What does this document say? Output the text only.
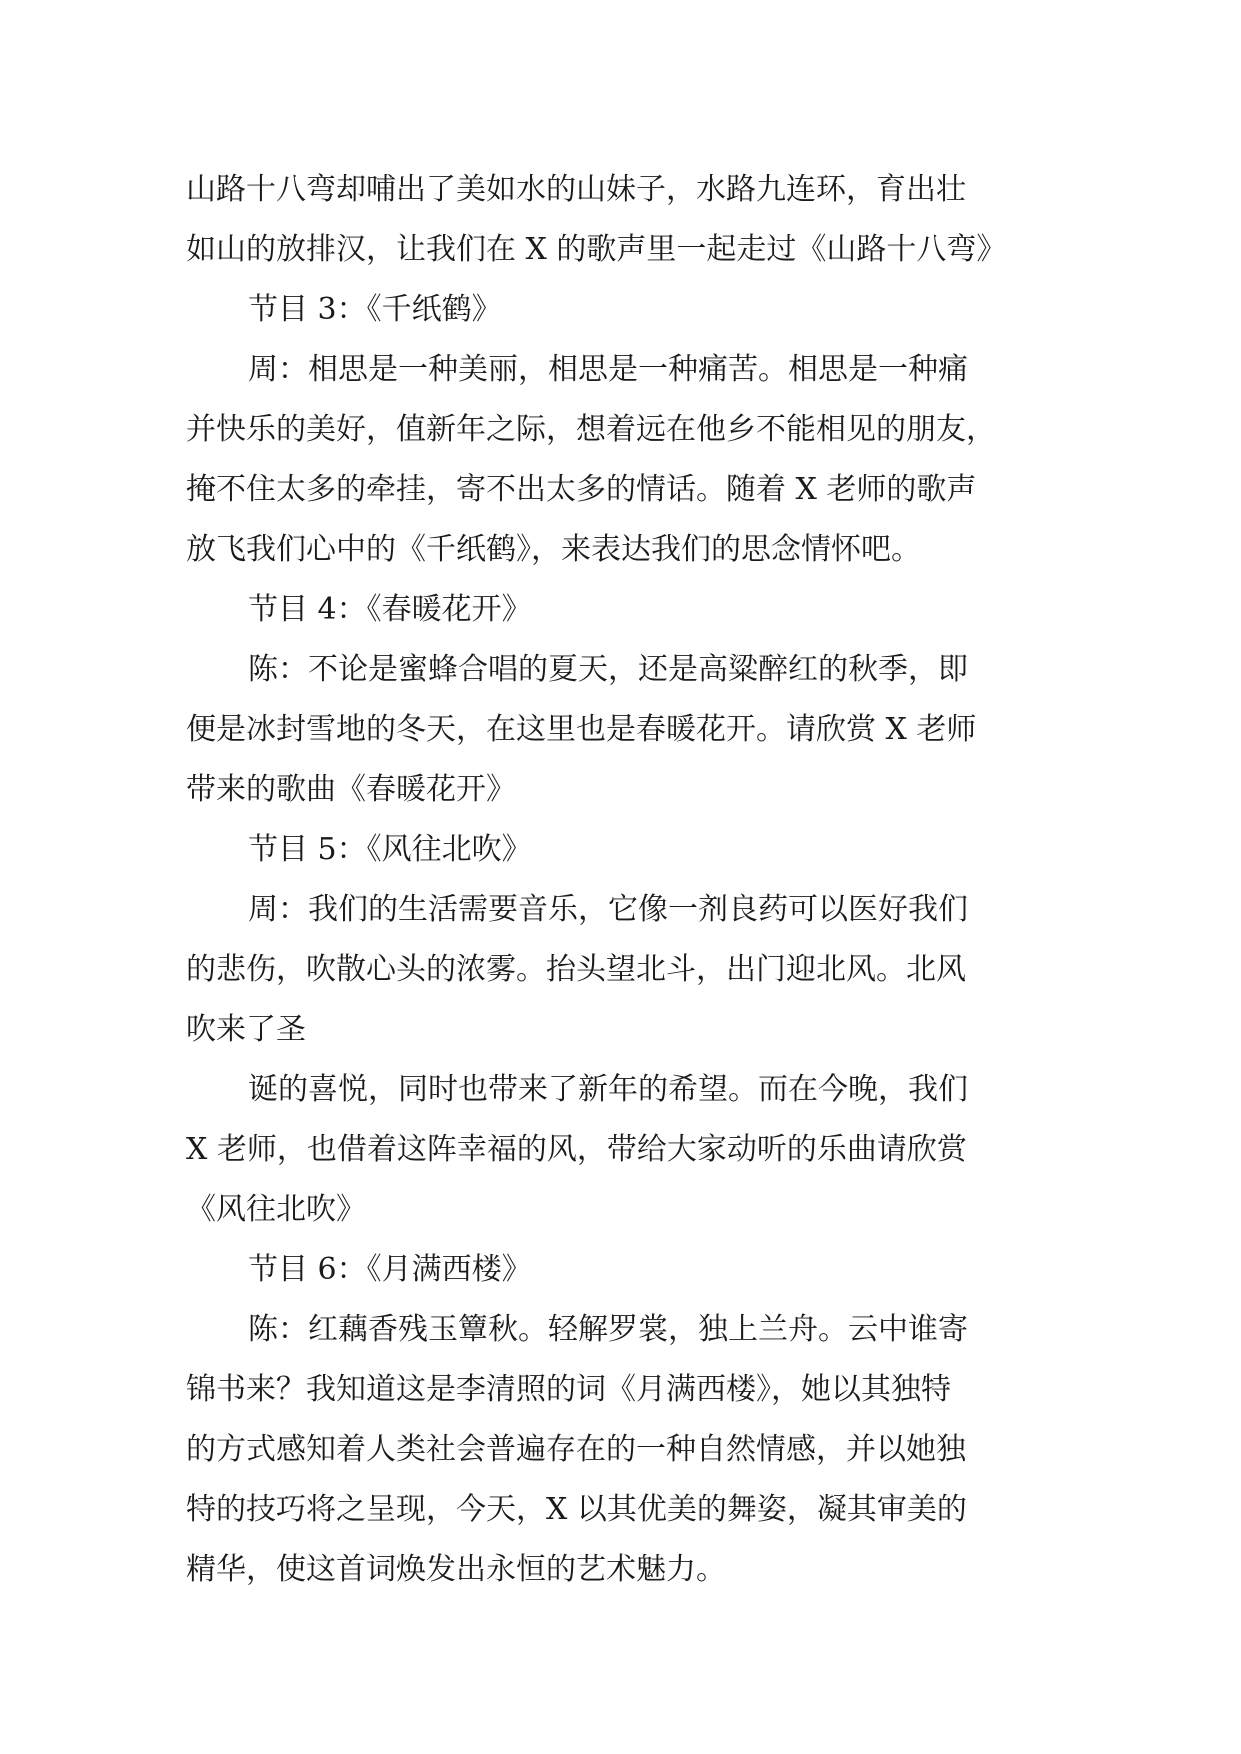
山路十八弯却哺出了美如水的山妹子，水路九连环，育出壮
如山的放排汉，让我们在 X 的歌声里一起走过《山路十八弯》
节目 3：《千纸鹤》
周：相思是一种美丽，相思是一种痛苦。相思是一种痛
并快乐的美好，值新年之际，想着远在他乡不能相见的朋友，
掩不住太多的牵挂，寄不出太多的情话。随着 X 老师的歌声
放飞我们心中的《千纸鹤》，来表达我们的思念情怀吧。
节目 4：《春暖花开》
陈：不论是蜜蜂合唱的夏天，还是高粱醉红的秋季，即
便是冰封雪地的冬天，在这里也是春暖花开。请欣赏 X 老师
带来的歌曲《春暖花开》
节目 5：《风往北吹》
周：我们的生活需要音乐，它像一剂良药可以医好我们
的悲伤，吹散心头的浓雾。抬头望北斗，出门迎北风。北风
吹来了圣
诞的喜悦，同时也带来了新年的希望。而在今晚，我们
X 老师，也借着这阵幸福的风，带给大家动听的乐曲请欣赏
《风往北吹》
节目 6：《月满西楼》
陈：红藕香残玉簟秋。轻解罗裳，独上兰舟。云中谁寄
锦书来？我知道这是李清照的词《月满西楼》，她以其独特
的方式感知着人类社会普遍存在的一种自然情感，并以她独
特的技巧将之呈现，今天，X 以其优美的舞姿，凝其审美的
精华，使这首词焕发出永恒的艺术魅力。
